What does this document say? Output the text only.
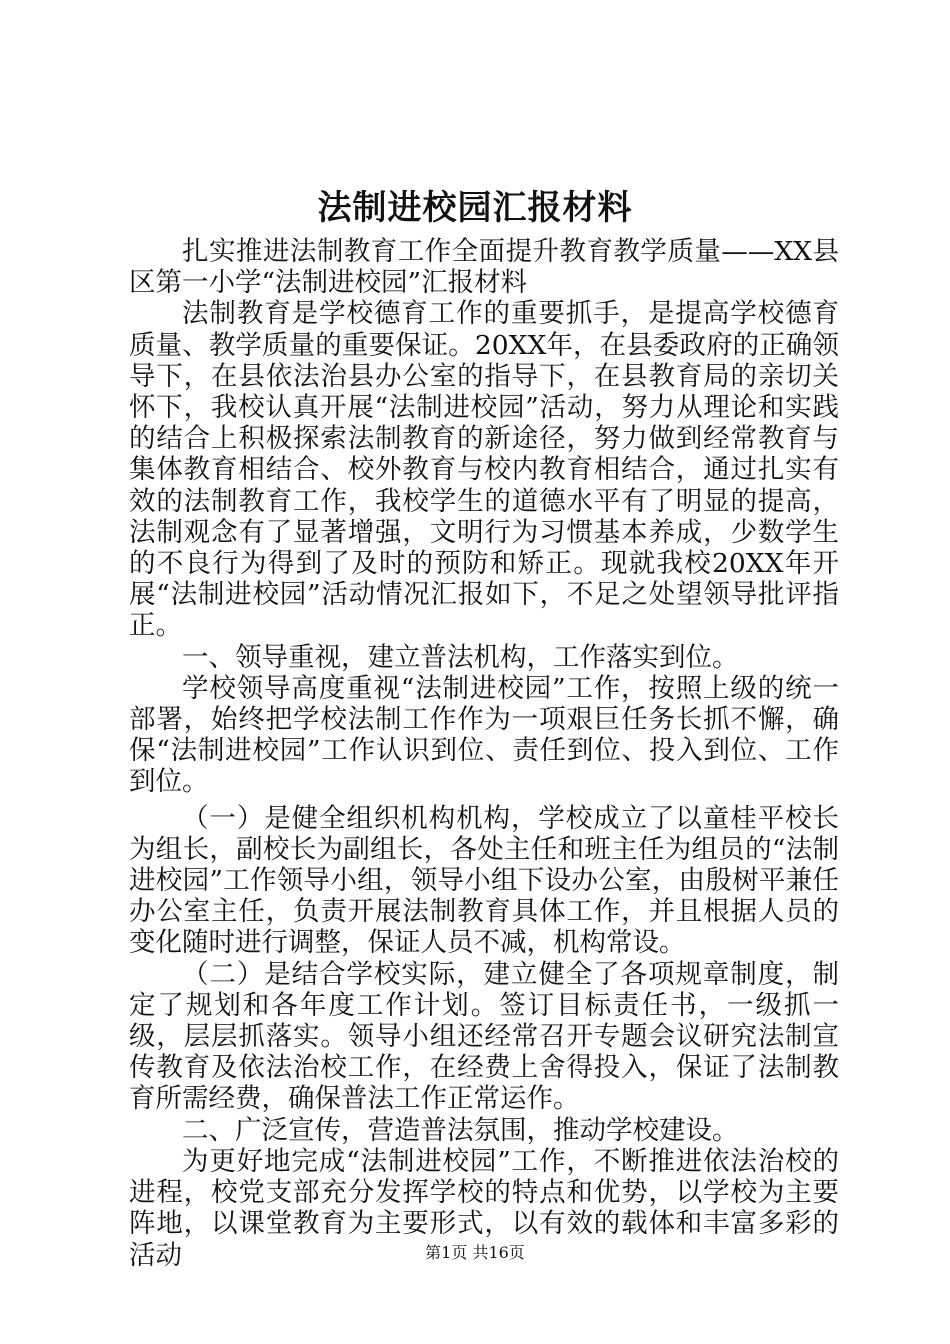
法制进校园汇报材料

扎实推进法制教育工作全面提升教育教学质量——XX县区第一小学“法制进校园”汇报材料

法制教育是学校德育工作的重要抓手，是提高学校德育质量、教学质量的重要保证。20XX年，在县委政府的正确领导下，在县依法治县办公室的指导下，在县教育局的亲切关怀下，我校认真开展“法制进校园”活动，努力从理论和实践的结合上积极探索法制教育的新途径，努力做到经常教育与集体教育相结合、校外教育与校内教育相结合，通过扎实有效的法制教育工作，我校学生的道德水平有了明显的提高，法制观念有了显著增强，文明行为习惯基本养成，少数学生的不良行为得到了及时的预防和矫正。现就我校20XX年开展“法制进校园”活动情况汇报如下，不足之处望领导批评指正。

一、领导重视，建立普法机构，工作落实到位。

学校领导高度重视“法制进校园”工作，按照上级的统一部署，始终把学校法制工作作为一项艰巨任务长抓不懈，确保“法制进校园”工作认识到位、责任到位、投入到位、工作到位。

（一）是健全组织机构机构，学校成立了以童桂平校长为组长，副校长为副组长，各处主任和班主任为组员的“法制进校园”工作领导小组，领导小组下设办公室，由殷树平兼任办公室主任，负责开展法制教育具体工作，并且根据人员的变化随时进行调整，保证人员不减，机构常设。

（二）是结合学校实际，建立健全了各项规章制度，制定了规划和各年度工作计划。签订目标责任书，一级抓一级，层层抓落实。领导小组还经常召开专题会议研究法制宣传教育及依法治校工作，在经费上舍得投入，保证了法制教育所需经费，确保普法工作正常运作。

二、广泛宣传，营造普法氛围，推动学校建设。

为更好地完成“法制进校园”工作，不断推进依法治校的进程，校党支部充分发挥学校的特点和优势，以学校为主要阵地，以课堂教育为主要形式，以有效的载体和丰富多彩的活动	第1页 共16页
